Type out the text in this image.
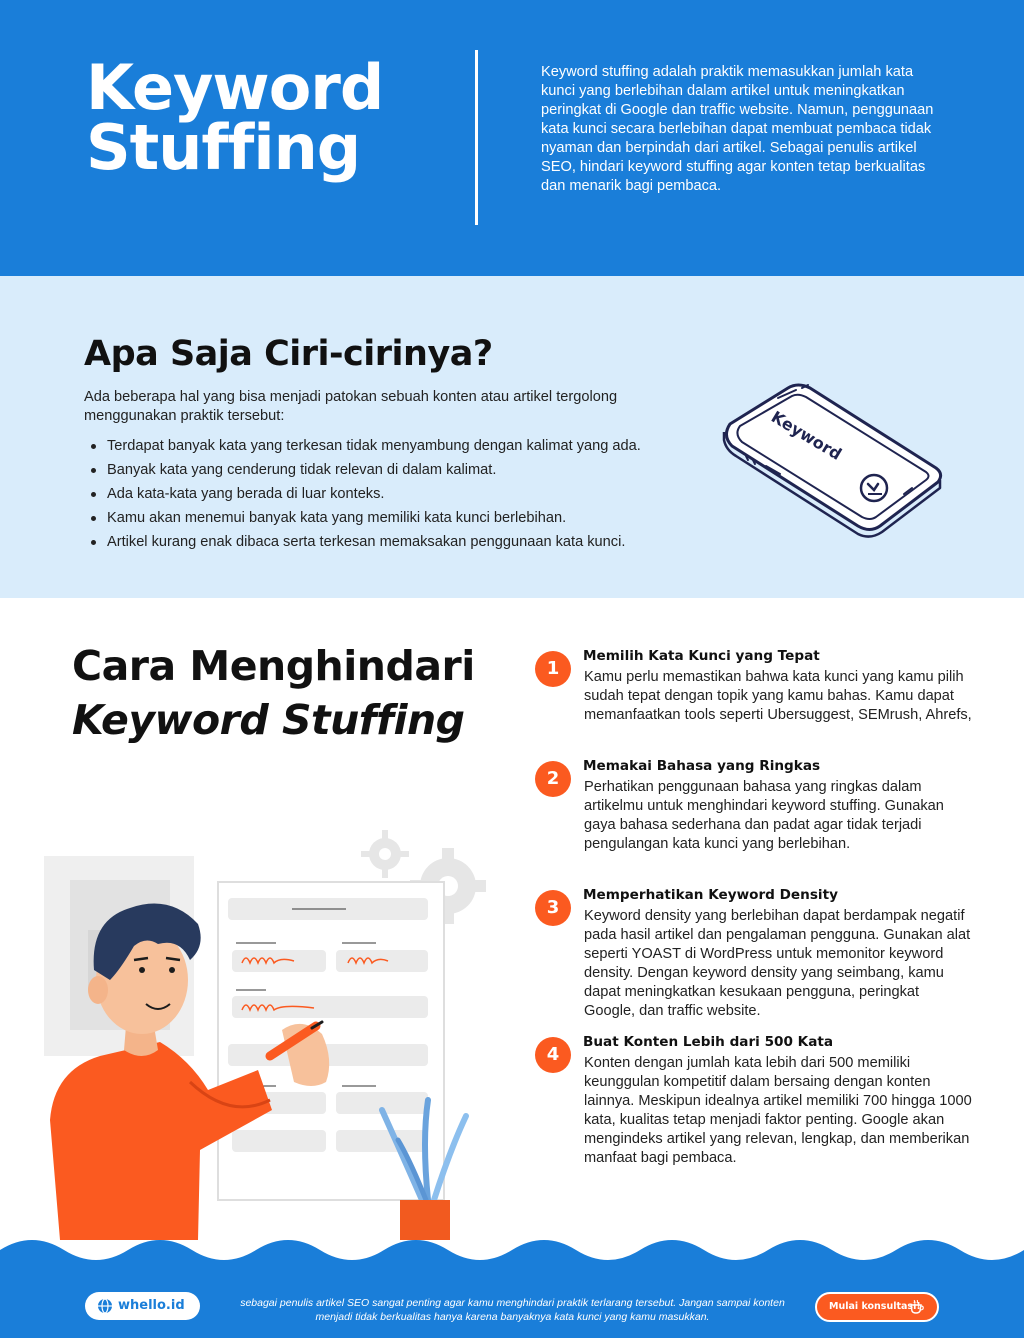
Keyword
Stuffing

Keyword stuffing adalah praktik memasukkan jumlah kata kunci yang berlebihan dalam artikel untuk meningkatkan peringkat di Google dan traffic website. Namun, penggunaan kata kunci secara berlebihan dapat membuat pembaca tidak nyaman dan berpindah dari artikel. Sebagai penulis artikel SEO, hindari keyword stuffing agar konten tetap berkualitas dan menarik bagi pembaca.

Apa Saja Ciri-cirinya?

Ada beberapa hal yang bisa menjadi patokan sebuah konten atau artikel tergolong menggunakan praktik tersebut:

Terdapat banyak kata yang terkesan tidak menyambung dengan kalimat yang ada.
Banyak kata yang cenderung tidak relevan di dalam kalimat.
Ada kata-kata yang berada di luar konteks.
Kamu akan menemui banyak kata yang memiliki kata kunci berlebihan.
Artikel kurang enak dibaca serta terkesan memaksakan penggunaan kata kunci.
Keyword
Cara Menghindari
Keyword Stuffing
1
Memilih Kata Kunci yang Tepat
Kamu perlu memastikan bahwa kata kunci yang kamu pilih sudah tepat dengan topik yang kamu bahas. Kamu dapat memanfaatkan tools seperti Ubersuggest, SEMrush, Ahrefs,
2
Memakai Bahasa yang Ringkas
Perhatikan penggunaan bahasa yang ringkas dalam artikelmu untuk menghindari keyword stuffing. Gunakan gaya bahasa sederhana dan padat agar tidak terjadi pengulangan kata kunci yang berlebihan.
3
Memperhatikan Keyword Density
Keyword density yang berlebihan dapat berdampak negatif pada hasil artikel dan pengalaman pengguna. Gunakan alat seperti YOAST di WordPress untuk memonitor keyword density. Dengan keyword density yang seimbang, kamu dapat meningkatkan kesukaan pengguna, peringkat Google, dan traffic website.
4
Buat Konten Lebih dari 500 Kata
Konten dengan jumlah kata lebih dari 500 memiliki keunggulan kompetitif dalam bersaing dengan konten lainnya. Meskipun idealnya artikel memiliki 700 hingga 1000 kata, kualitas tetap menjadi faktor penting. Google akan mengindeks artikel yang relevan, lengkap, dan memberikan manfaat bagi pembaca.
whello.id	sebagai penulis artikel SEO sangat penting agar kamu menghindari praktik terlarang tersebut. Jangan sampai konten menjadi tidak berkualitas hanya karena banyaknya kata kunci yang kamu masukkan.

Mulai konsultasi!
